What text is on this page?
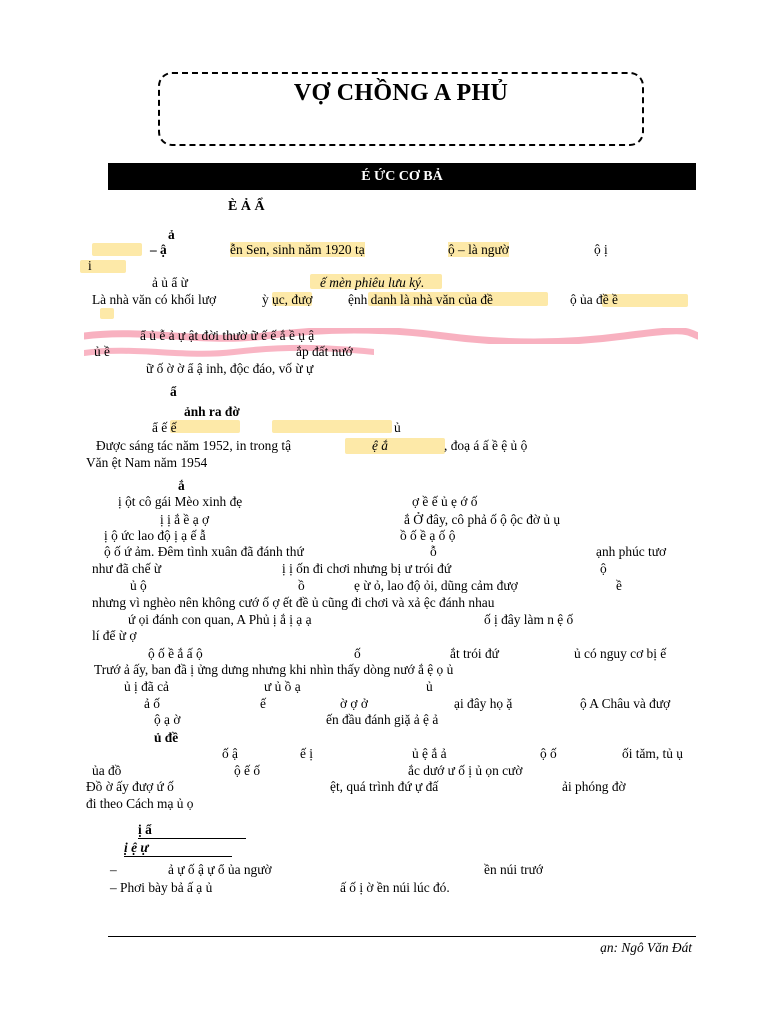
VỢ CHỒNG A PHỦ
É ỨC CƠ BẢ
È Ả Ẩ
ả
– ậ	ễn Sen, sinh năm 1920 tạ	ộ – là ngườ	ộ ị
i
ả ủ ẩ ừ	ế mèn phiêu lưu ký.
Là nhà văn có khối lượ	ỳ ục, đượ	ệnh danh là nhà văn của đề	ộ ủa đề ề
ẩ ủ ễ ả ự ật đời thườ ữ ế ế ắ ề ụ ậ
ủ ề	ắp đất nướ
ữ ố ờ ờ ẩ ậ inh, độc đáo, vố ừ ự
ẩ
ảnh ra đờ
ẩ ế ế	ủ
Được sáng tác năm 1952, in trong tậ	ệ ắ	, đoạ á ấ ề ệ ủ ộ
Văn ệt Nam năm 1954
ắ
ị ột cô gái Mèo xinh đẹ	ợ ề ế ủ ẹ ớ ố
ị ị ắ ề ạ ợ	ắ Ở đây, cô phả ố ộ ộc đờ ủ ụ
ị ộ ức lao độ ị ạ ế ẫ	ồ ố ề ạ ố ộ
ộ ố ứ ảm. Đêm tình xuân đã đánh thứ	ỗ	ạnh phúc tươ
như đã chế ừ	ị ị ốn đi chơi nhưng bị ư trói đứ	ộ
ủ ộ	ồ	ẹ ừ ỏ, lao độ ỏi, dũng cảm đượ	ề
nhưng vì nghèo nên không cướ ố ợ ết đề ủ cũng đi chơi và xả ệc đánh nhau
ứ ọi đánh con quan, A Phủ ị ắ ị ạ ạ	ố ị đây làm n ệ ố
lí để ừ ợ
ộ ố ề ắ ấ ộ	ố	ắt trói đứ	ủ có nguy cơ bị ế
Trướ ả ấy, ban đầ ị ửng dưng nhưng khi nhìn thấy dòng nướ ắ ệ ọ ủ
ủ ị đã cả	ư ủ ồ ạ	ủ
ả ố	ế	ờ ợ ở	ại đây họ ặ	ộ A Châu và đượ
ộ ạ ờ	ến đầu đánh giặ ả ệ ả
ủ đề
ố ậ	ế ị	ủ ệ ắ ả	ộ ố	ối tăm, tủ ụ
ủa đồ	ộ ế ố	ắc dướ ư ố ị ủ ọn cườ
Đồ ờ ấy đượ ứ ố	ệt, quá trình đứ ự đấ	ải phóng đờ
đi theo Cách mạ ủ ọ
ị ẩ
ị ệ ự
–	ả ự ố ậ ự ổ ủa ngườ	ền núi trướ
– Phơi bày bả ấ ạ ủ	ấ ố ị ờ ền núi lúc đó.
ạn: Ngô Văn Đát
